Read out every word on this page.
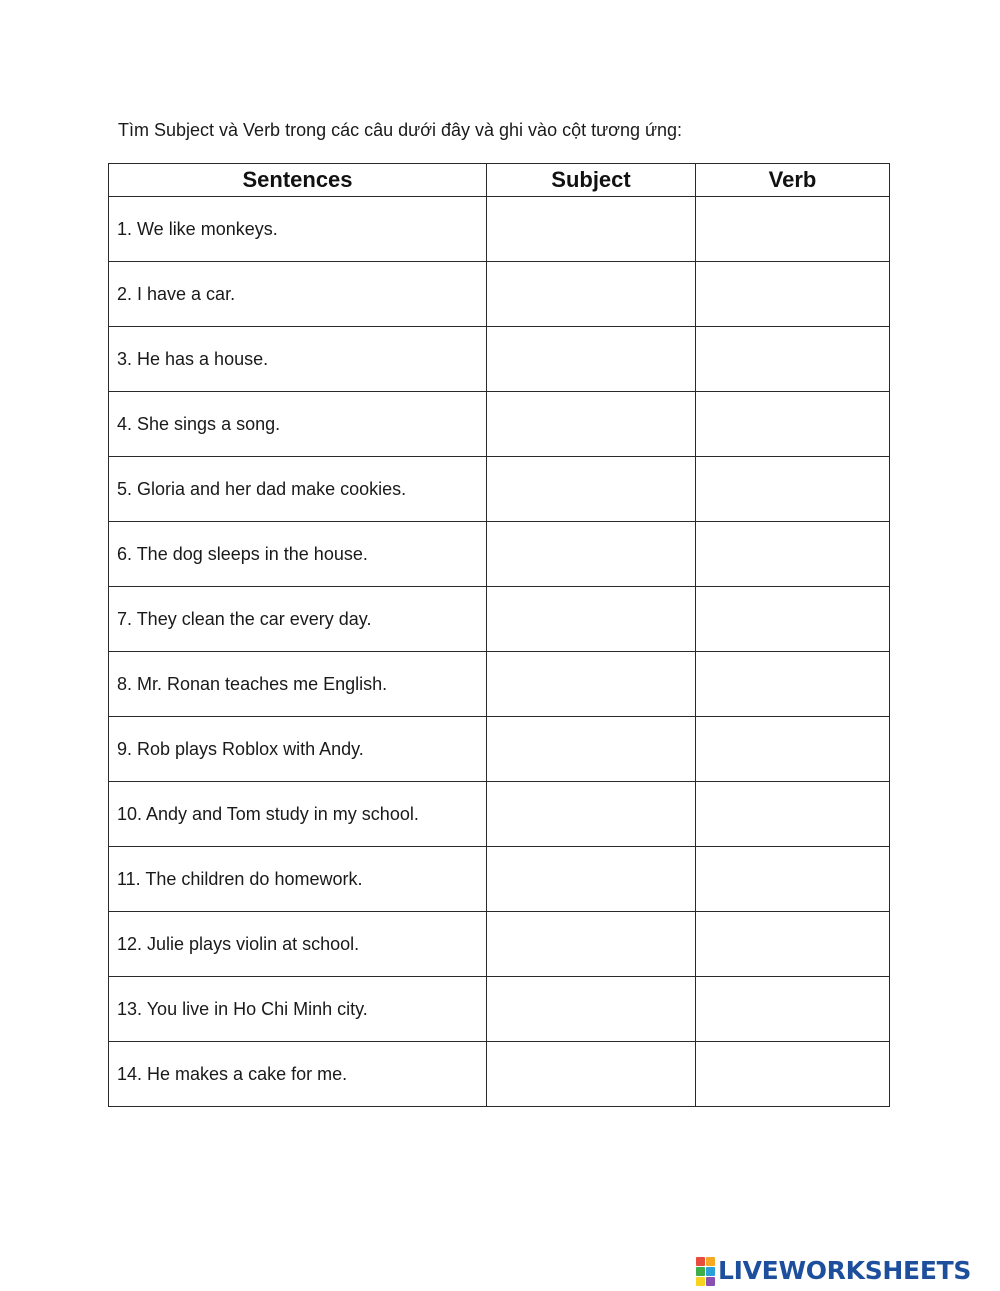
Tìm Subject và Verb trong các câu dưới đây và ghi vào cột tương ứng:
Sentences	Subject	Verb
1. We like monkeys.	

2. I have a car.	

3. He has a house.	

4. She sings a song.	

5. Gloria and her dad make cookies.	

6. The dog sleeps in the house.	

7. They clean the car every day.	

8. Mr. Ronan teaches me English.	

9. Rob plays Roblox with Andy.	

10. Andy and Tom study in my school.	

11. The children do homework.	

12. Julie plays violin at school.	

13. You live in Ho Chi Minh city.	

14. He makes a cake for me.	

LIVEWORKSHEETS
